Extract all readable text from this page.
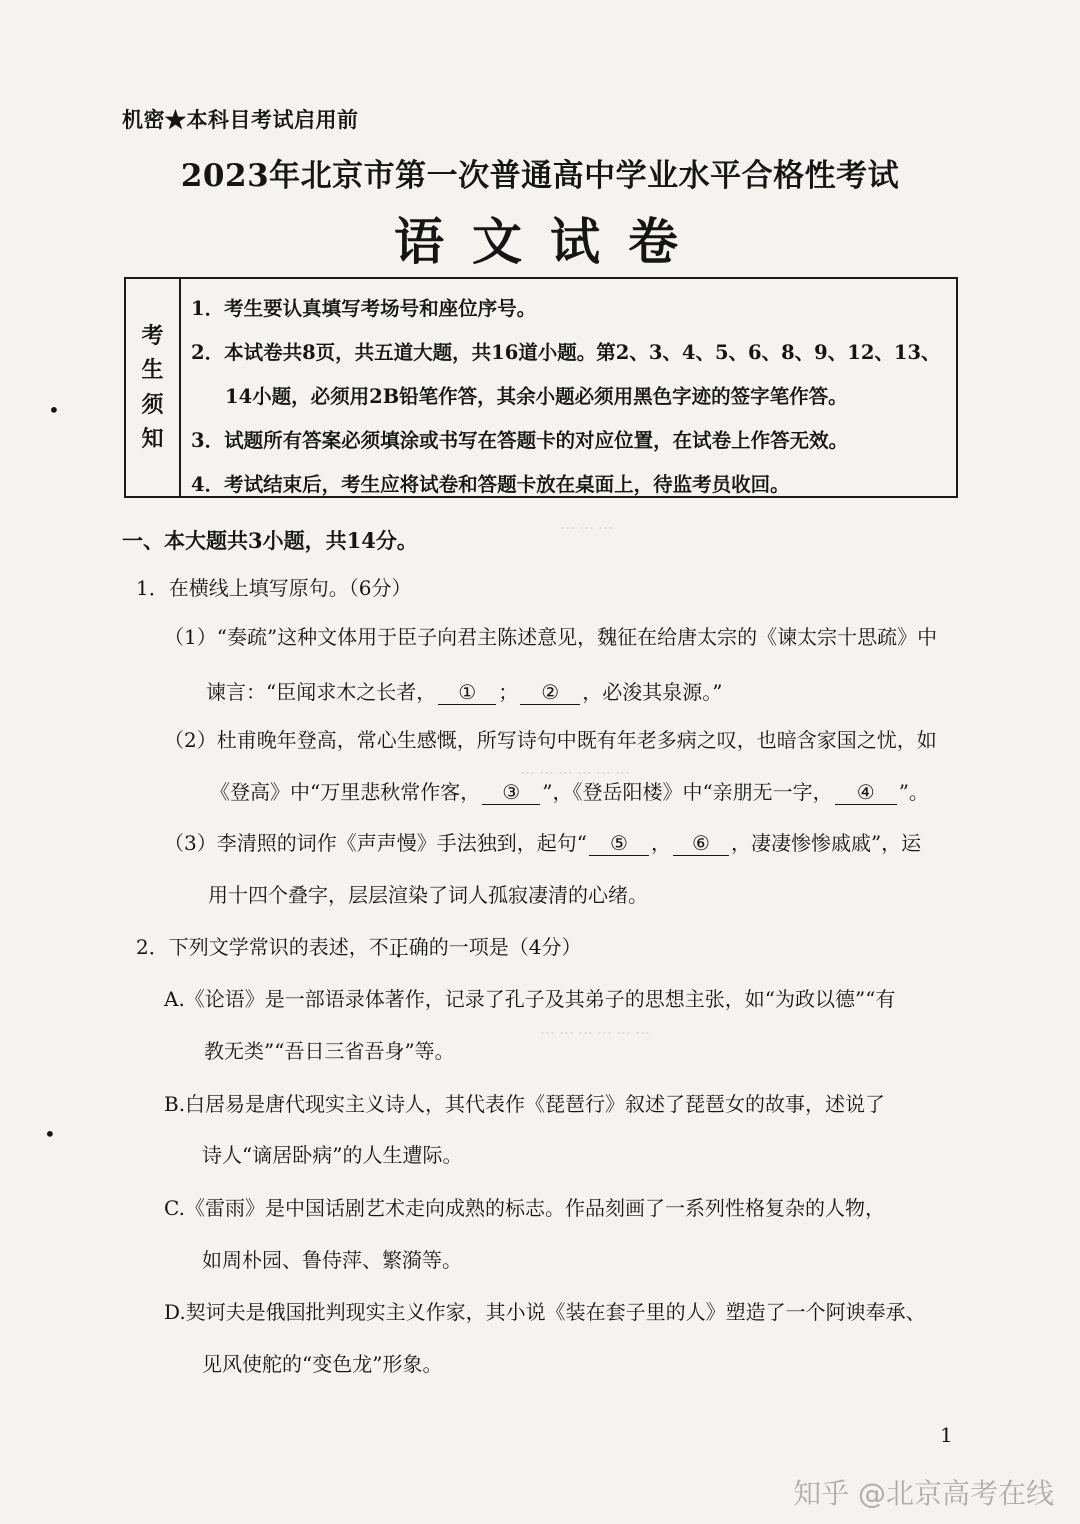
机密★本科目考试启用前
2023年北京市第一次普通高中学业水平合格性考试
语文试卷
考
生
须
知
1．考生要认真填写考场号和座位序号。
2．本试卷共8页，共五道大题，共16道小题。第2、3、4、5、6、8、9、12、13、
14小题，必须用2B铅笔作答，其余小题必须用黑色字迹的签字笔作答。
3．试题所有答案必须填涂或书写在答题卡的对应位置，在试卷上作答无效。
4．考试结束后，考生应将试卷和答题卡放在桌面上，待监考员收回。
………
………………
………………
一、本大题共3小题，共14分。
1．在横线上填写原句。（6分）
（1）“奏疏”这种文体用于臣子向君主陈述意见，魏征在给唐太宗的《谏太宗十思疏》中
谏言：“臣闻求木之长者， ① ； ② ，必浚其泉源。”
（2）杜甫晚年登高，常心生感慨，所写诗句中既有年老多病之叹，也暗含家国之忧，如
《登高》中“万里悲秋常作客， ③ ”，《登岳阳楼》中“亲朋无一字， ④ ”。
（3）李清照的词作《声声慢》手法独到，起句“ ⑤ ， ⑥ ，凄凄惨惨戚戚”，运
用十四个叠字，层层渲染了词人孤寂凄清的心绪。
2．下列文学常识的表述，不正确的一项是（4分）
A.《论语》是一部语录体著作，记录了孔子及其弟子的思想主张，如“为政以德”“有
教无类”“吾日三省吾身”等。
B.白居易是唐代现实主义诗人，其代表作《琵琶行》叙述了琵琶女的故事，述说了
诗人“谪居卧病”的人生遭际。
C.《雷雨》是中国话剧艺术走向成熟的标志。作品刻画了一系列性格复杂的人物，
如周朴园、鲁侍萍、繁漪等。
D.契诃夫是俄国批判现实主义作家，其小说《装在套子里的人》塑造了一个阿谀奉承、
见风使舵的“变色龙”形象。
•
•
1
知乎 @北京高考在线
